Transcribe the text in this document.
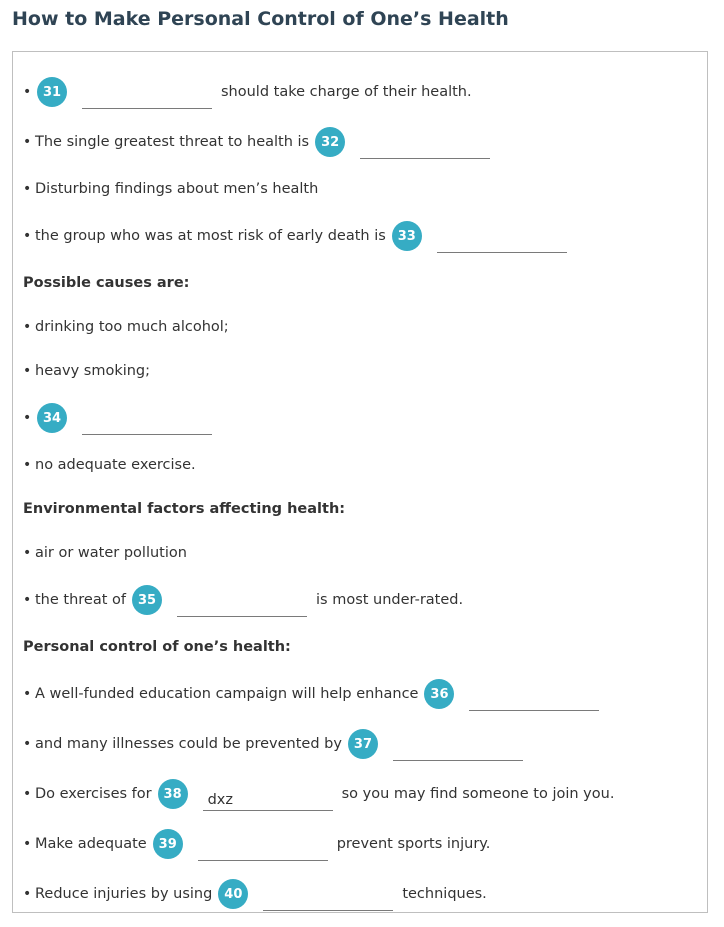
How to Make Personal Control of One’s Health
• 31	should take charge of their health.
• The single greatest threat to health is 32
• Disturbing findings about men’s health
• the group who was at most risk of early death is 33
Possible causes are:
• drinking too much alcohol;
• heavy smoking;
• 34
• no adequate exercise.
Environmental factors affecting health:
• air or water pollution
• the threat of 35	is most under-rated.
Personal control of one’s health:
• A well-funded education campaign will help enhance 36
• and many illnesses could be prevented by 37
• Do exercises for 38
dxz	so you may find someone to join you.
• Make adequate 39	prevent sports injury.
• Reduce injuries by using 40	techniques.
